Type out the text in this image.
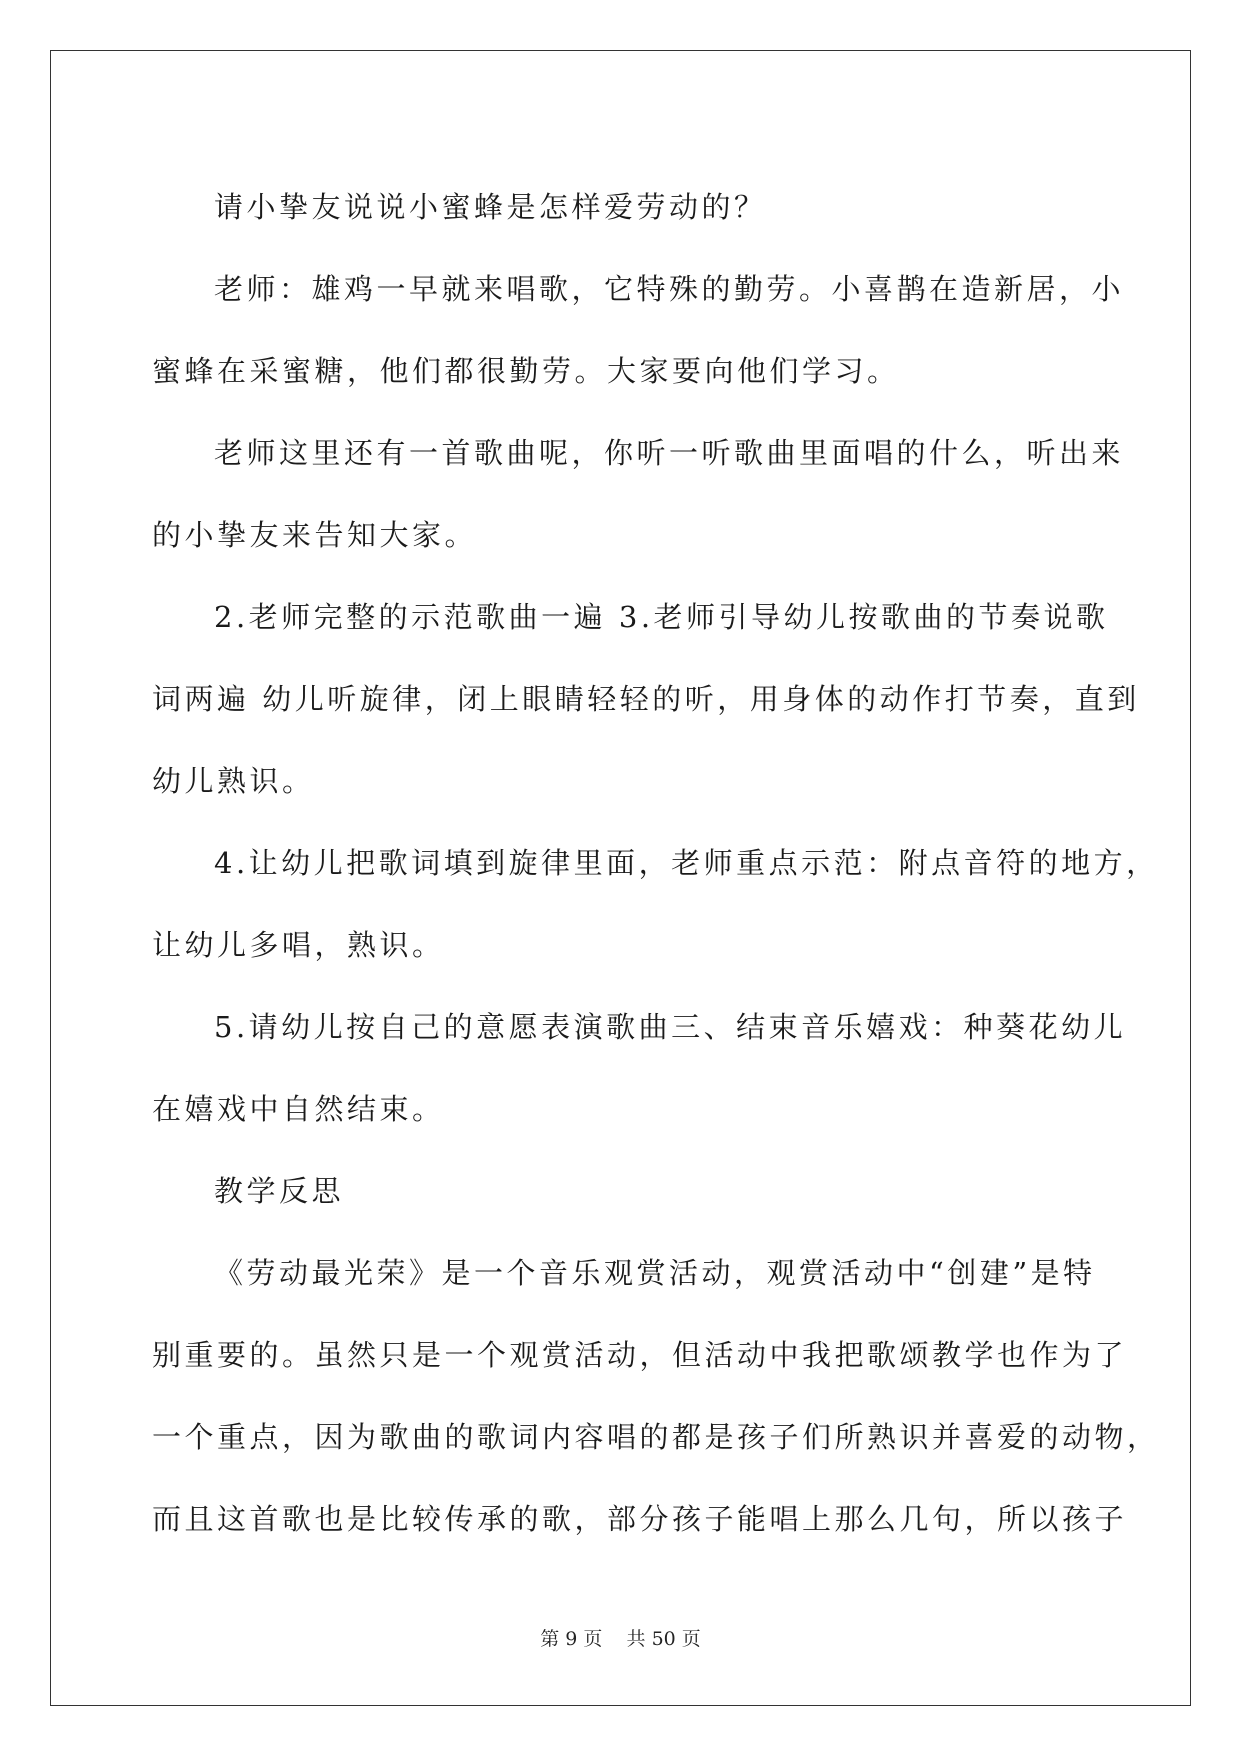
请小挚友说说小蜜蜂是怎样爱劳动的？

老师：雄鸡一早就来唱歌，它特殊的勤劳。小喜鹊在造新居，小
蜜蜂在采蜜糖，他们都很勤劳。大家要向他们学习。

老师这里还有一首歌曲呢，你听一听歌曲里面唱的什么，听出来
的小挚友来告知大家。

2.老师完整的示范歌曲一遍 3.老师引导幼儿按歌曲的节奏说歌
词两遍 幼儿听旋律，闭上眼睛轻轻的听，用身体的动作打节奏，直到
幼儿熟识。

4.让幼儿把歌词填到旋律里面，老师重点示范：附点音符的地方，
让幼儿多唱，熟识。

5.请幼儿按自己的意愿表演歌曲三、结束音乐嬉戏：种葵花幼儿
在嬉戏中自然结束。

教学反思

《劳动最光荣》是一个音乐观赏活动，观赏活动中“创建”是特
别重要的。虽然只是一个观赏活动，但活动中我把歌颂教学也作为了
一个重点，因为歌曲的歌词内容唱的都是孩子们所熟识并喜爱的动物，
而且这首歌也是比较传承的歌，部分孩子能唱上那么几句，所以孩子

第 9 页 共 50 页
